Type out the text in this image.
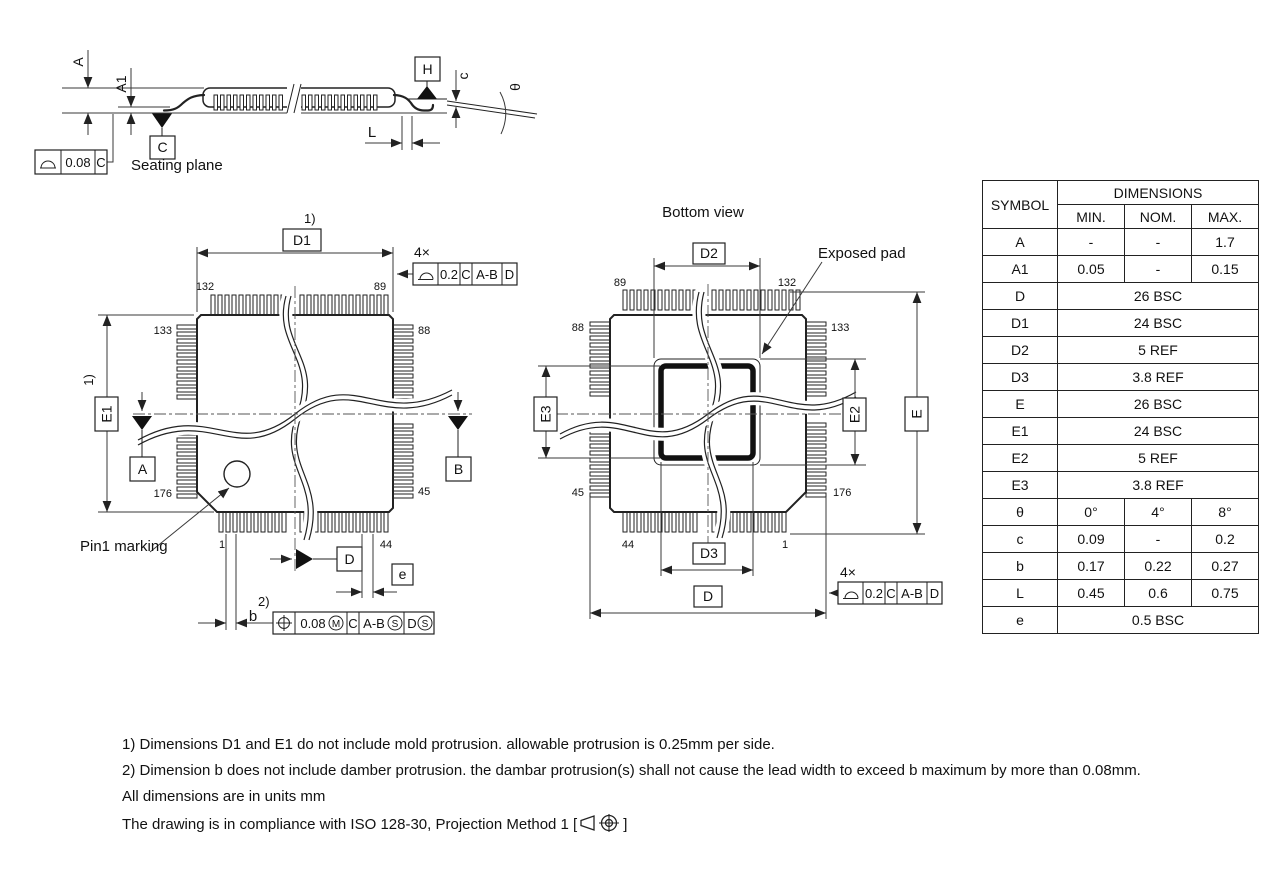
A
A1	c
θ
L
C
Seating plane
H
0.08 C
Pin1 marking
132	89
133	88
176	45
1	44
D1
1)
E1
1)
4×
0.2 C A-B D
A	B
D
e
2)
b	0.08 M C A-B S D S
Bottom view
89	132
88	133
45	176
44	1
Exposed pad
D2
E
E2
E3
D3
D
4×
0.2 C A-B D
SYMBOL	DIMENSIONS		
	MIN.	NOM.	MAX.
A	-	-	1.7
A1	0.05	-	0.15
D	26 BSC		
D1	24 BSC		
D2	5 REF		
D3	3.8 REF		
E	26 BSC		
E1	24 BSC		
E2	5 REF		
E3	3.8 REF		
θ	0°	4°	8°
c	0.09	-	0.2
b	0.17	0.22	0.27
L	0.45	0.6	0.75
e	0.5 BSC		
1) Dimensions D1 and E1 do not include mold protrusion. allowable protrusion is 0.25mm per side.
2) Dimension b does not include damber protrusion. the dambar protrusion(s) shall not cause the lead width to exceed b maximum by more than 0.08mm.
All dimensions are in units mm
The drawing is in compliance with ISO 128-30, Projection Method 1 [	]
